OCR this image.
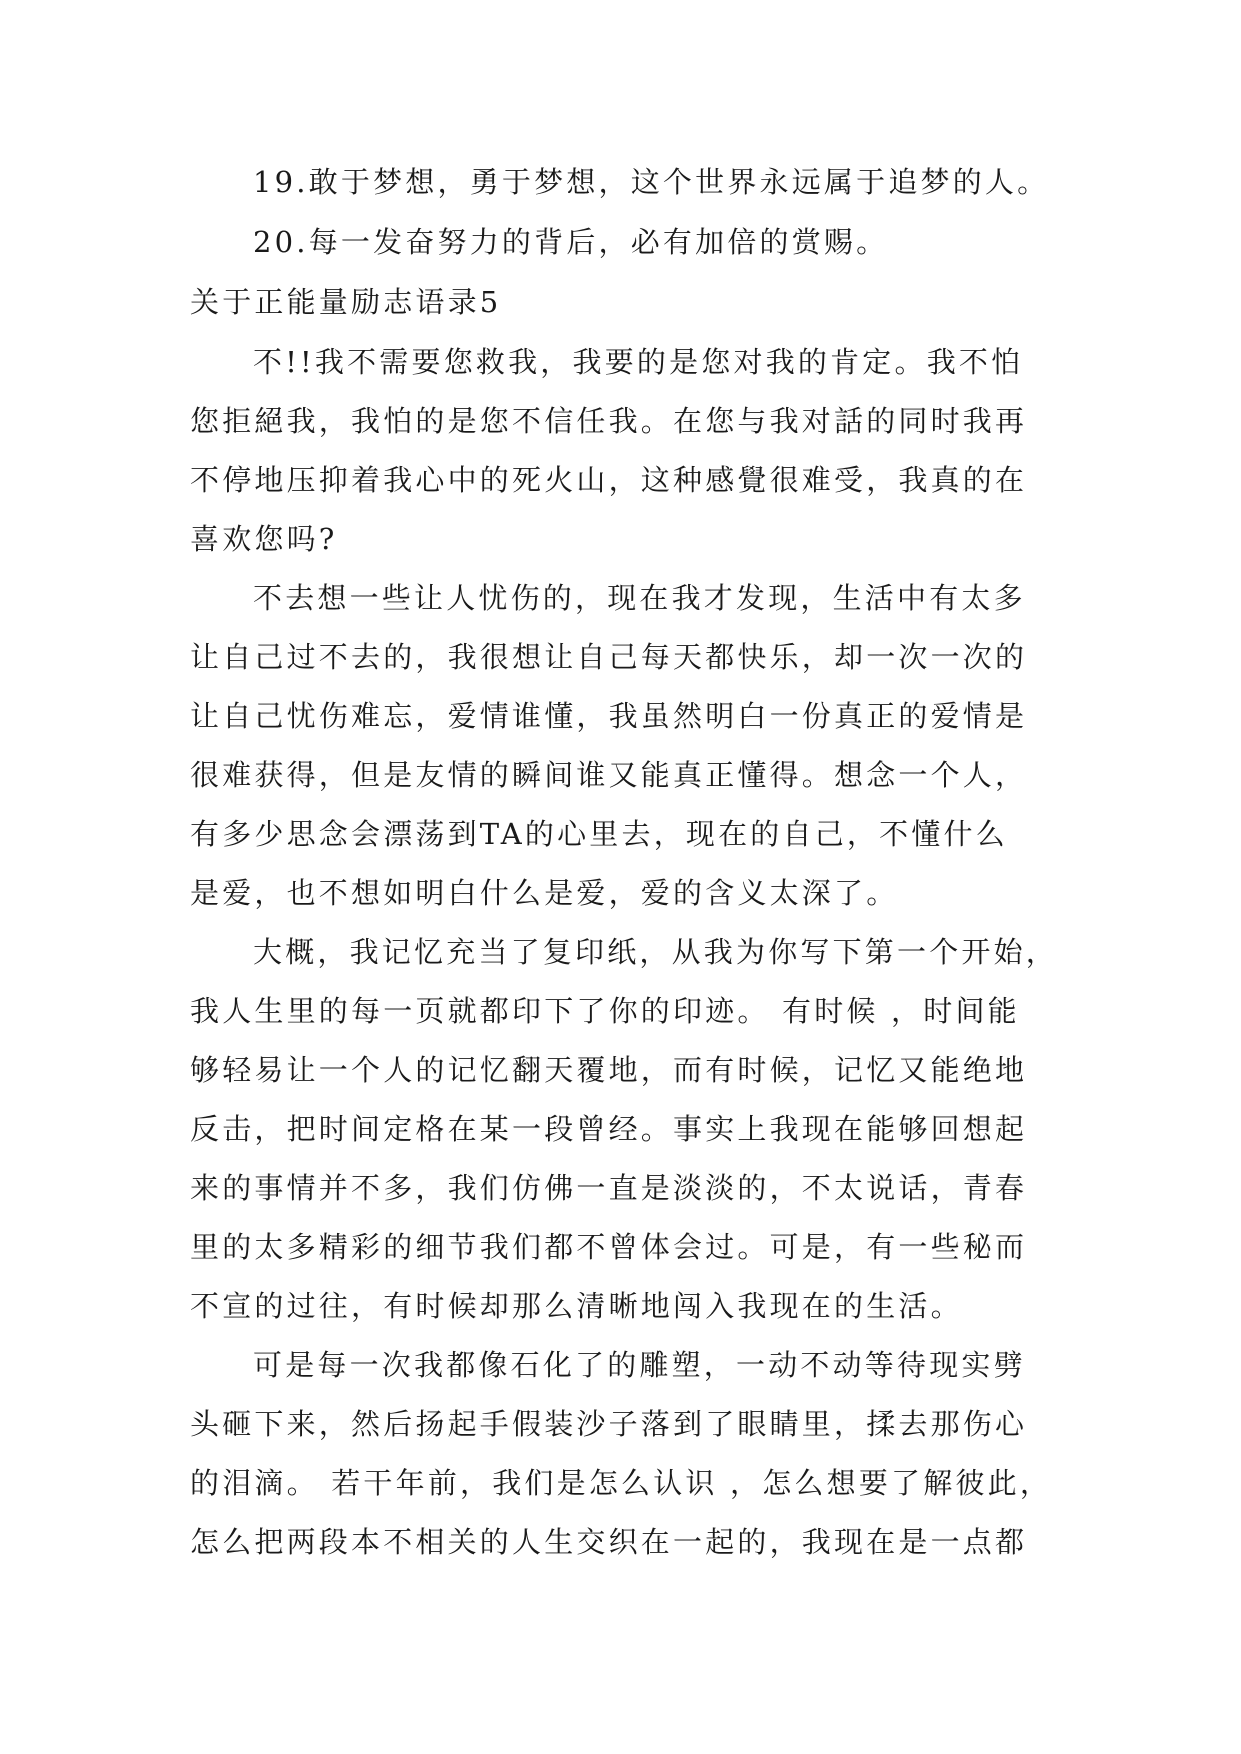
19.敢于梦想，勇于梦想，这个世界永远属于追梦的人。
20.每一发奋努力的背后，必有加倍的赏赐。
关于正能量励志语录5
不!!我不需要您救我，我要的是您对我的肯定。我不怕
您拒絕我，我怕的是您不信任我。在您与我对話的同时我再
不停地压抑着我心中的死火山，这种感覺很难受，我真的在
喜欢您吗?
不去想一些让人忧伤的，现在我才发现，生活中有太多
让自己过不去的，我很想让自己每天都快乐，却一次一次的
让自己忧伤难忘，爱情谁懂，我虽然明白一份真正的爱情是
很难获得，但是友情的瞬间谁又能真正懂得。想念一个人，
有多少思念会漂荡到TA的心里去，现在的自己，不懂什么
是爱，也不想如明白什么是爱，爱的含义太深了。
大概，我记忆充当了复印纸，从我为你写下第一个开始，
我人生里的每一页就都印下了你的印迹。 有时候 ，时间能
够轻易让一个人的记忆翻天覆地，而有时候，记忆又能绝地
反击，把时间定格在某一段曾经。事实上我现在能够回想起
来的事情并不多，我们仿佛一直是淡淡的，不太说话，青春
里的太多精彩的细节我们都不曾体会过。可是，有一些秘而
不宣的过往，有时候却那么清晰地闯入我现在的生活。
可是每一次我都像石化了的雕塑，一动不动等待现实劈
头砸下来，然后扬起手假装沙子落到了眼睛里，揉去那伤心
的泪滴。 若干年前，我们是怎么认识 ，怎么想要了解彼此，
怎么把两段本不相关的人生交织在一起的，我现在是一点都
